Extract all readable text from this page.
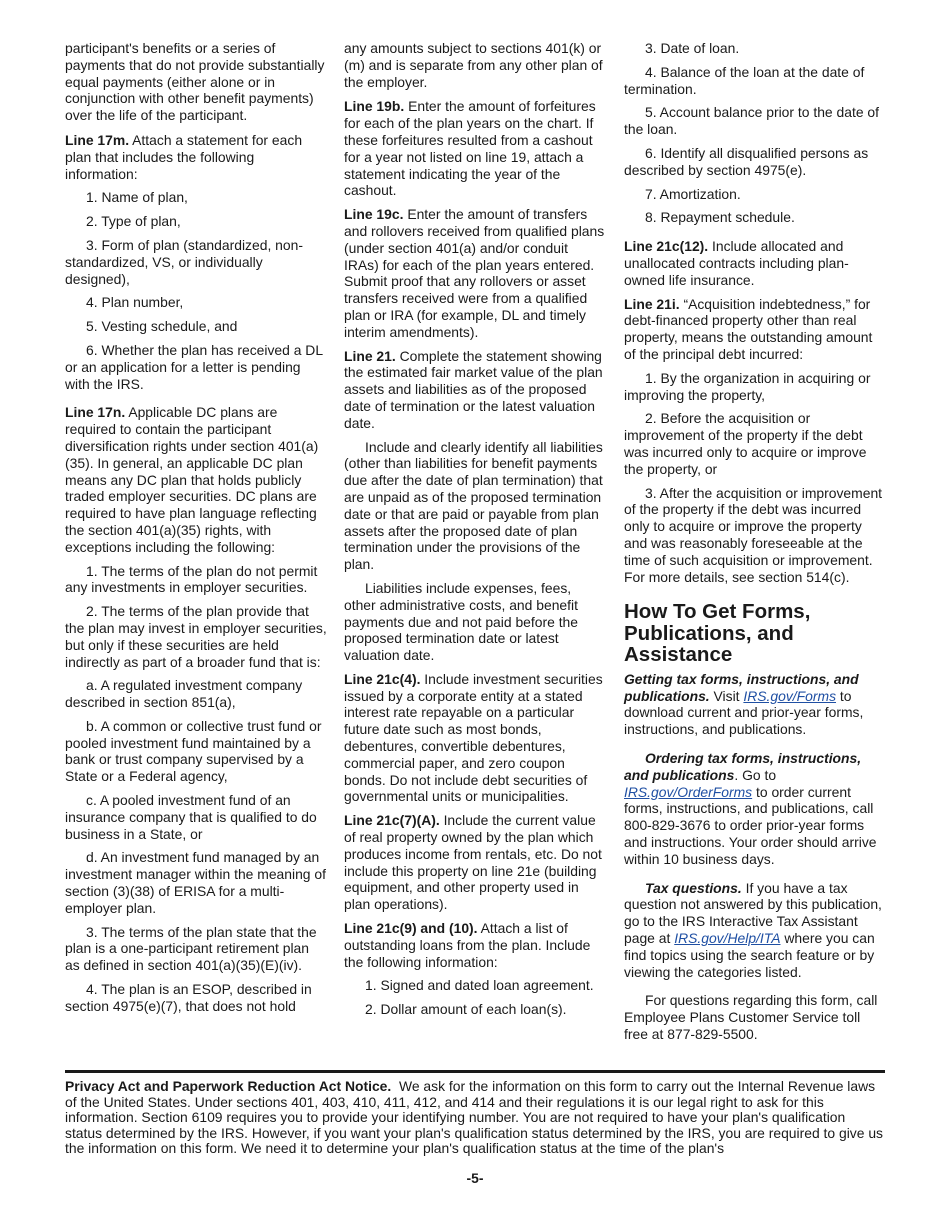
participant's benefits or a series of payments that do not provide substantially equal payments (either alone or in conjunction with other benefit payments) over the life of the participant.

Line 17m. Attach a statement for each plan that includes the following information:

1. Name of plan,

2. Type of plan,

3. Form of plan (standardized, non-standardized, VS, or individually designed),

4. Plan number,

5. Vesting schedule, and

6. Whether the plan has received a DL or an application for a letter is pending with the IRS.

Line 17n. Applicable DC plans are required to contain the participant diversification rights under section 401(a)(35). In general, an applicable DC plan means any DC plan that holds publicly traded employer securities. DC plans are required to have plan language reflecting the section 401(a)(35) rights, with exceptions including the following:

1. The terms of the plan do not permit any investments in employer securities.

2. The terms of the plan provide that the plan may invest in employer securities, but only if these securities are held indirectly as part of a broader fund that is:

a. A regulated investment company described in section 851(a),

b. A common or collective trust fund or pooled investment fund maintained by a bank or trust company supervised by a State or a Federal agency,

c. A pooled investment fund of an insurance company that is qualified to do business in a State, or

d. An investment fund managed by an investment manager within the meaning of section (3)(38) of ERISA for a multi-employer plan.

3. The terms of the plan state that the plan is a one-participant retirement plan as defined in section 401(a)(35)(E)(iv).

4. The plan is an ESOP, described in section 4975(e)(7), that does not hold

any amounts subject to sections 401(k) or (m) and is separate from any other plan of the employer.

Line 19b. Enter the amount of forfeitures for each of the plan years on the chart. If these forfeitures resulted from a cashout for a year not listed on line 19, attach a statement indicating the year of the cashout.

Line 19c. Enter the amount of transfers and rollovers received from qualified plans (under section 401(a) and/or conduit IRAs) for each of the plan years entered. Submit proof that any rollovers or asset transfers received were from a qualified plan or IRA (for example, DL and timely interim amendments).

Line 21. Complete the statement showing the estimated fair market value of the plan assets and liabilities as of the proposed date of termination or the latest valuation date.

Include and clearly identify all liabilities (other than liabilities for benefit payments due after the date of plan termination) that are unpaid as of the proposed termination date or that are paid or payable from plan assets after the proposed date of plan termination under the provisions of the plan.

Liabilities include expenses, fees, other administrative costs, and benefit payments due and not paid before the proposed termination date or latest valuation date.

Line 21c(4). Include investment securities issued by a corporate entity at a stated interest rate repayable on a particular future date such as most bonds, debentures, convertible debentures, commercial paper, and zero coupon bonds. Do not include debt securities of governmental units or municipalities.

Line 21c(7)(A). Include the current value of real property owned by the plan which produces income from rentals, etc. Do not include this property on line 21e (building equipment, and other property used in plan operations).

Line 21c(9) and (10). Attach a list of outstanding loans from the plan. Include the following information:

1. Signed and dated loan agreement.

2. Dollar amount of each loan(s).

3. Date of loan.

4. Balance of the loan at the date of termination.

5. Account balance prior to the date of the loan.

6. Identify all disqualified persons as described by section 4975(e).

7. Amortization.

8. Repayment schedule.

Line 21c(12). Include allocated and unallocated contracts including plan-owned life insurance.

Line 21i. “Acquisition indebtedness,” for debt-financed property other than real property, means the outstanding amount of the principal debt incurred:

1. By the organization in acquiring or improving the property,

2. Before the acquisition or improvement of the property if the debt was incurred only to acquire or improve the property, or

3. After the acquisition or improvement of the property if the debt was incurred only to acquire or improve the property and was reasonably foreseeable at the time of such acquisition or improvement. For more details, see section 514(c).

How To Get Forms, Publications, and Assistance

Getting tax forms, instructions, and publications. Visit IRS.gov/Forms to download current and prior-year forms, instructions, and publications.

Ordering tax forms, instructions, and publications. Go to IRS.gov/OrderForms to order current forms, instructions, and publications, call 800-829-3676 to order prior-year forms and instructions. Your order should arrive within 10 business days.

Tax questions. If you have a tax question not answered by this publication, go to the IRS Interactive Tax Assistant page at IRS.gov/Help/ITA where you can find topics using the search feature or by viewing the categories listed.

For questions regarding this form, call Employee Plans Customer Service toll free at 877-829-5500.

Privacy Act and Paperwork Reduction Act Notice. We ask for the information on this form to carry out the Internal Revenue laws of the United States. Under sections 401, 403, 410, 411, 412, and 414 and their regulations it is our legal right to ask for this information. Section 6109 requires you to provide your identifying number. You are not required to have your plan's qualification status determined by the IRS. However, if you want your plan's qualification status determined by the IRS, you are required to give us the information on this form. We need it to determine your plan's qualification status at the time of the plan's
-5-
